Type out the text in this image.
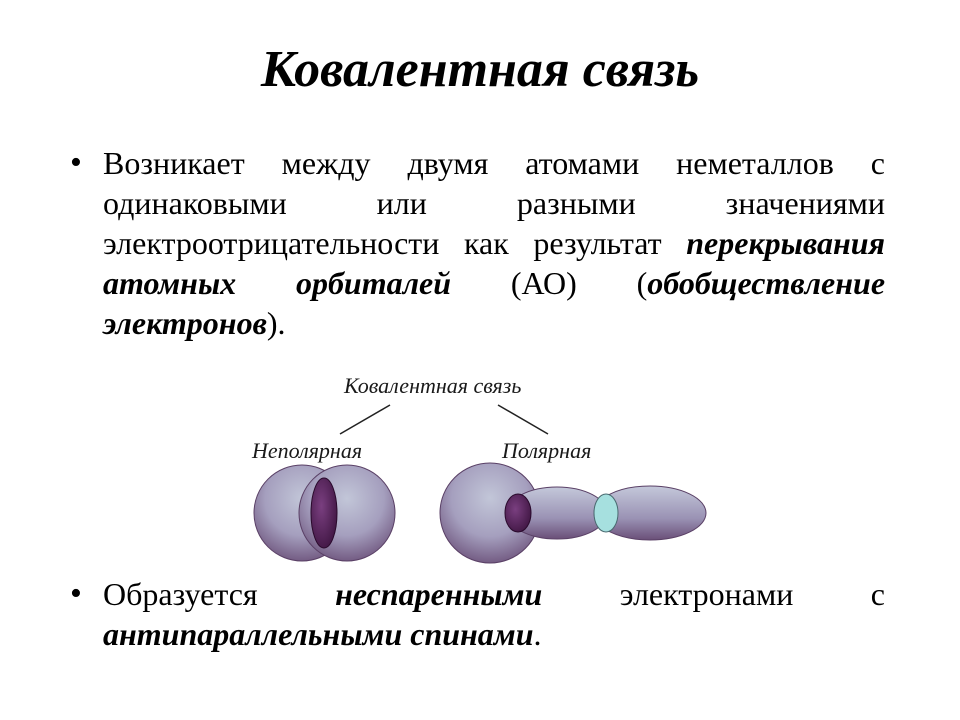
Ковалентная связь
• Возникает между двумя атомами неметаллов с одинаковыми или разными значениями электроотрицательности как результат перекрывания атомных орбиталей (АО) (обобществление электронов).
Ковалентная связь
Неполярная	Полярная
• Образуется неспаренными электронами с антипараллельными спинами.
